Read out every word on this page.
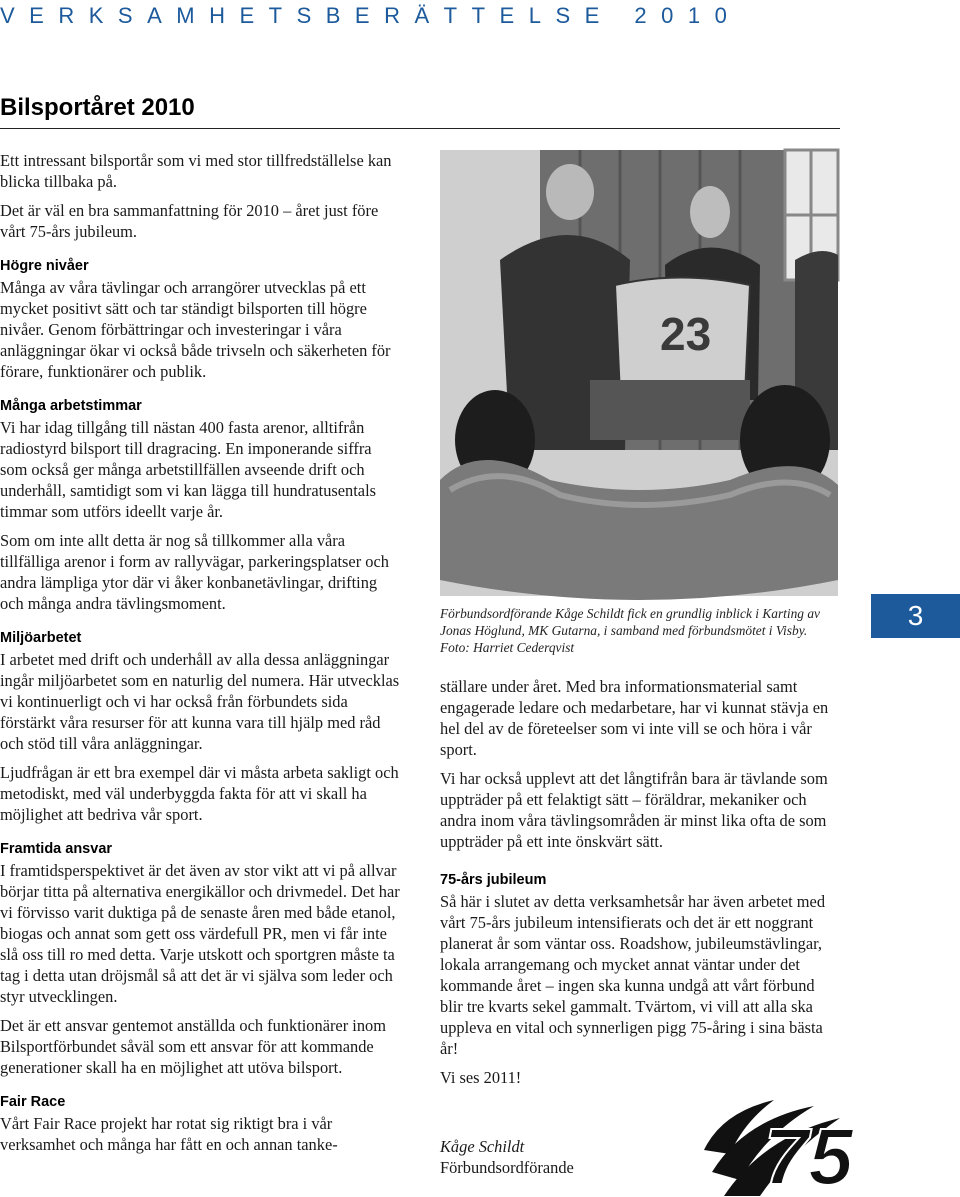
VERKSAMHETSBERÄTTELSE 2010
Bilsportåret 2010

Ett intressant bilsportår som vi med stor tillfredställelse kan blicka tillbaka på.

Det är väl en bra sammanfattning för 2010 – året just före vårt 75-års jubileum.

Högre nivåer

Många av våra tävlingar och arrangörer utvecklas på ett mycket positivt sätt och tar ständigt bilsporten till högre nivåer. Genom förbättringar och investeringar i våra anläggningar ökar vi också både trivseln och säkerheten för förare, funktionärer och publik.

Många arbetstimmar

Vi har idag tillgång till nästan 400 fasta arenor, alltifrån radiostyrd bilsport till dragracing. En imponerande siffra som också ger många arbetstillfällen avseende drift och underhåll, samtidigt som vi kan lägga till hundratusentals timmar som utförs ideellt varje år.

Som om inte allt detta är nog så tillkommer alla våra tillfälliga arenor i form av rallyvägar, parkeringsplatser och andra lämpliga ytor där vi åker konbanetävlingar, drifting och många andra tävlingsmoment.

Miljöarbetet

I arbetet med drift och underhåll av alla dessa anläggningar ingår miljöarbetet som en naturlig del numera. Här utvecklas vi kontinuerligt och vi har också från förbundets sida förstärkt våra resurser för att kunna vara till hjälp med råd och stöd till våra anläggningar.

Ljudfrågan är ett bra exempel där vi måsta arbeta sakligt och metodiskt, med väl underbyggda fakta för att vi skall ha möjlighet att bedriva vår sport.

Framtida ansvar

I framtidsperspektivet är det även av stor vikt att vi på allvar börjar titta på alternativa energikällor och drivmedel. Det har vi förvisso varit duktiga på de senaste åren med både etanol, biogas och annat som gett oss värdefull PR, men vi får inte slå oss till ro med detta. Varje utskott och sportgren måste ta tag i detta utan dröjsmål så att det är vi själva som leder och styr utvecklingen.

Det är ett ansvar gentemot anställda och funktionärer inom Bilsportförbundet såväl som ett ansvar för att kommande generationer skall ha en möjlighet att utöva bilsport.

Fair Race

Vårt Fair Race projekt har rotat sig riktigt bra i vår verksamhet och många har fått en och annan tanke-

23
Förbundsordförande Kåge Schildt fick en grundlig inblick i Karting av Jonas Höglund, MK Gutarna, i samband med förbundsmötet i Visby. Foto: Harriet Cederqvist
3

ställare under året. Med bra informationsmaterial samt engagerade ledare och medarbetare, har vi kunnat stävja en hel del av de företeelser som vi inte vill se och höra i vår sport.

Vi har också upplevt att det långtifrån bara är tävlande som uppträder på ett felaktigt sätt – föräldrar, mekaniker och andra inom våra tävlingsområden är minst lika ofta de som uppträder på ett inte önskvärt sätt.

75-års jubileum

Så här i slutet av detta verksamhetsår har även arbetet med vårt 75-års jubileum intensifierats och det är ett noggrant planerat år som väntar oss. Roadshow, jubileumstävlingar, lokala arrangemang och mycket annat väntar under det kommande året – ingen ska kunna undgå att vårt förbund blir tre kvarts sekel gammalt. Tvärtom, vi vill att alla ska uppleva en vital och synnerligen pigg 75-åring i sina bästa år!

Vi ses 2011!

Kåge Schildt
Förbundsordförande	75
